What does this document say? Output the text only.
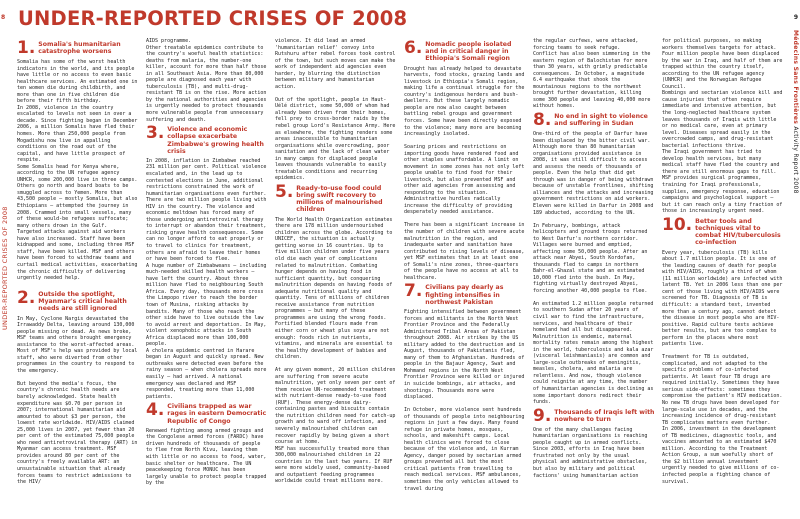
8
UNDER-REPORTED CRISES OF 2008
9
Médecins Sans Frontières Activity Report 2008
UNDER-REPORTED CRISES OF 2008
1. Somalia's humanitarian catastrophe worsens

Somalia has some of the worst health indicators in the world, and its people have little or no access to even basic healthcare services. An estimated one in ten women die during childbirth, and more than one in five children die before their fifth birthday.

In 2008, violence in the country escalated to levels not seen in over a decade. Since fighting began in December 2006, a million Somalis have fled their homes. More than 250,000 people from Mogadishu now live in appalling conditions on the road out of the capital, and have little prospect of respite.

Some Somalis head for Kenya where, according to the UN refugee agency UNHCR, some 200,000 live in three camps. Others go north and board boats to be smuggled across to Yemen. More than 43,500 people – mostly Somalis, but also Ethiopians – attempted the journey in 2008. Crammed into small vessels, many of these would-be refugees suffocate; many others drown in the Gulf.

Targeted attacks against aid workers have also increased. Staff have been kidnapped and some, including three MSF staff, have been killed. MSF and others have been forced to withdraw teams and curtail medical activities, exacerbating the chronic difficulty of delivering urgently needed help.

2. Outside the spotlight, Myanmar's critical health needs are still ignored

In May, Cyclone Nargis devastated the Irrawaddy Delta, leaving around 130,000 people missing or dead. As news broke, MSF teams and others brought emergency assistance to the worst-affected areas. Most of MSF's help was provided by local staff, who were diverted from other programmes in the country to respond to the emergency.

But beyond the media's focus, the country's chronic health needs are barely acknowledged. State health expenditure was $0.70 per person in 2007; international humanitarian aid amounted to about $3 per person, the lowest rate worldwide. HIV/AIDS claimed 25,000 lives in 2007, yet fewer than 20 per cent of the estimated 75,000 people who need antiretroviral therapy (ART) in Myanmar can access treatment. MSF provides around 80 per cent of the country's freely available ART: an unsustainable situation that already forces teams to restrict admissions to the HIV/

AIDS programme.

Other treatable epidemics contribute to the country's woeful health statistics: deaths from malaria, the number-one killer, account for more than half those in all Southeast Asia. More than 80,000 people are diagnosed each year with tuberculosis (TB), and multi-drug-resistant TB is on the rise. More action by the national authorities and agencies is urgently needed to protect thousands more vulnerable people from unnecessary suffering and death.

3. Violence and economic collapse exacerbate Zimbabwe's growing health crisis

In 2008, inflation in Zimbabwe reached 231 million per cent. Political violence escalated and, in the lead up to contested elections in June, additional restrictions constrained the work of humanitarian organisations even further. There are two million people living with HIV in the country. The violence and economic meltdown has forced many of those undergoing antiretroviral therapy to interrupt or abandon their treatment, risking grave health consequences. Some can no longer afford to eat properly or to travel to clinics for treatment, others are afraid to leave their homes or have been forced to flee.

A huge number of Zimbabweans – including much-needed skilled health workers – have left the country. About three million have fled to neighbouring South Africa. Every day, thousands more cross the Limpopo river to reach the border town of Musina, risking attacks by bandits. Many of those who reach the other side have to live outside the law to avoid arrest and deportation. In May, violent xenophobic attacks in South Africa displaced more than 100,000 people.

A cholera epidemic centred in Harare began in August and quickly spread. New outbreaks were detected even before the rainy season – when cholera spreads more easily – had arrived. A national emergency was declared and MSF responded, treating more than 11,000 patients.

4. Civilians trapped as war rages in eastern Democratic Republic of Congo

Renewed fighting among armed groups and the Congolese armed forces (FARDC) have driven hundreds of thousands of people to flee from North Kivu, leaving them with little or no access to food, water, basic shelter or healthcare. The UN peacekeeping force MONUC has been largely unable to protect people trapped by the

violence. It did lead an armed 'humanitarian relief' convoy into Rutshuru after rebel forces took control of the town, but such moves can make the work of independent aid agencies even harder, by blurring the distinction between military and humanitarian action.

Out of the spotlight, people in Haut-Uélé district, some 50,000 of whom had already been driven from their homes, fell prey to cross-border raids by the rebel group Lord's Resistance Army. Here as elsewhere, the fighting renders some areas inaccessible to humanitarian organisations while overcrowding, poor sanitation and the lack of clean water in many camps for displaced people leaves thousands vulnerable to easily treatable conditions and recurring epidemics.

5. Ready-to-use food could bring swift recovery to millions of malnourished children

The World Health Organization estimates there are 178 million undernourished children across the globe. According to UNICEF, the situation is actually getting worse in 16 countries. Up to five million children under five years old die each year of complications related to malnutrition. Combating hunger depends on having food in sufficient quantity, but conquering malnutrition depends on having foods of adequate nutritional quality and quantity. Tens of millions of children receive assistance from nutrition programmes – but many of these programmes are using the wrong foods. Fortified blended flours made from either corn or wheat plus soya are not enough: foods rich in nutrients, vitamins, and minerals are essential to the healthy development of babies and children.

At any given moment, 20 million children are suffering from severe acute malnutrition, yet only seven per cent of them receive UN-recommended treatment with nutrient-dense ready-to-use food (RUF). These energy-dense dairy-containing pastes and biscuits contain the nutrition children need for catch-up growth and to ward off infection, and severely malnourished children can recover rapidly by being given a short course at home.

MSF has successfully treated more than 300,000 malnourished children in 22 countries in the last two years. If RUF were more widely used, community-based and outpatient feeding programmes worldwide could treat millions more.

6. Nomadic people isolated and in critical danger in Ethiopia's Somali region

Drought has already helped to devastate harvests, food stocks, grazing lands and livestock in Ethiopia's Somali region, making life a continual struggle for the country's indigenous herders and bush-dwellers. But these largely nomadic people are now also caught between battling rebel groups and government forces. Some have been directly exposed to the violence; many more are becoming increasingly isolated.

Soaring prices and restrictions on importing goods have rendered food and other staples unaffordable. A limit on movement in some zones has not only left people unable to find food for their livestock, but also prevented MSF and other aid agencies from assessing and responding to the situation. Administrative hurdles radically increase the difficulty of providing desperately needed assistance.

There has been a significant increase in the number of children with severe acute malnutrition in the region, and inadequate water and sanitation have contributed to rising levels of disease, yet MSF estimates that in at least one of Somali's nine zones, three-quarters of the people have no access at all to healthcare.

7. Civilians pay dearly as fighting intensifies in northwest Pakistan

Fighting intensified between government forces and militants in the North West Frontier Province and the Federally Administered Tribal Areas of Pakistan throughout 2008. Air strikes by the US military added to the destruction and in August, thousands of Pakistanis fled, many of them to Afghanistan. Hundreds of people in the Bajaur Agency, Swat and Mohmand regions in the North West Frontier Province were killed or injured in suicide bombings, air attacks, and shootings. Thousands more were displaced.

In October, more violence sent hundreds of thousands of people into neighbouring regions in just a few days. Many found refuge in private homes, mosques, schools, and makeshift camps. Local health clinics were forced to close because of the violence and, in Kurram Agency, danger posed by sectarian armed groups prevented all but the most critical patients from travelling to reach medical services. MSF ambulances, sometimes the only vehicles allowed to travel during

the regular curfews, were attacked, forcing teams to seek refuge.

Conflict has also been simmering in the eastern region of Balochistan for more than 30 years, with grimly predictable consequences. In October, a magnitude 6.4 earthquake that shook the mountainous regions to the northwest brought further devastation, killing some 300 people and leaving 40,000 more without homes.

8. No end in sight to violence and suffering in Sudan

One-third of the people of Darfur have been displaced by the bitter civil war. Although more than 80 humanitarian organisations provided assistance in 2008, it was still difficult to access and assess the needs of thousands of people. Even the help that did get through was in danger of being withdrawn because of unstable frontlines, shifting alliances and the attacks and increasing government restrictions on aid workers. Eleven were killed in Darfur in 2008 and 189 abducted, according to the UN.

In February, bombings, attack helicopters and ground troops returned to West Darfur's northern corridor. Villages were burned and emptied, affecting some 50,000 people. After an attack near Abyei, South Kordofan, thousands fled to camps in northern Bahr-el-Ghazal state and an estimated 10,000 fled into the bush. In May, fighting virtually destroyed Abyei, forcing another 40,000 people to flee.

An estimated 1.2 million people returned to southern Sudan after 20 years of civil war to find the infrastructure, services, and healthcare of their homeland had all but disappeared. Malnutrition is endemic, maternal mortality rates remain among the highest in the world, tuberculosis and kala azar (visceral leishmaniasis) are common and large-scale outbreaks of meningitis, measles, cholera, and malaria are relentless. And now, though violence could reignite at any time, the number of humanitarian agencies is declining as some important donors redirect their funds.

9. Thousands of Iraqis left with nowhere to turn

One of the many challenges facing humanitarian organisations is reaching people caught up in armed conflicts. Since 2003, efforts in Iraq have been frustrated not only by the usual physical and administrative obstacles, but also by military and political factions' using humanitarian action

for political purposes, so making workers themselves targets for attack.

Four million people have been displaced by the war in Iraq, and half of them are trapped within the country itself, according to the UN refugee agency (UNHCR) and the Norwegian Refugee Council.

Bombings and sectarian violence kill and cause injuries that often require immediate and intensive attention, but the long-neglected healthcare system leaves thousands of Iraqis with little or no medical care, even at primary level. Diseases spread easily in the overcrowded camps, and drug-resistant bacterial infections thrive.

The Iraqi government has tried to develop health services, but many medical staff have fled the country and there are still enormous gaps to fill. MSF provides surgical programmes, training for Iraqi professionals, supplies, emergency response, education campaigns and psychological support – but it can reach only a tiny fraction of those in increasingly urgent need.

10. Better tools and techniques vital to combat HIV/tuberculosis co-infection

Every year, tuberculosis (TB) kills about 1.7 million people. It is one of the leading causes of death for people with HIV/AIDS, roughly a third of whom (11 million worldwide) are infected with latent TB. Yet in 2006 less than one per cent of those living with HIV/AIDS were screened for TB. Diagnosis of TB is difficult: a standard test, invented more than a century ago, cannot detect the disease in most people who are HIV-positive. Rapid culture tests achieve better results, but are too complex to perform in the places where most patients live.

Treatment for TB is outdated, complicated, and not adapted to the specific problems of co-infected patients. At least four TB drugs are required initially. Sometimes they have serious side-effects: sometimes they compromise the patient's HIV medication. No new TB drugs have been developed for large-scale use in decades, and the increasing incidence of drug-resistant TB complicates matters even further.

In 2006, investment in the development of TB medicines, diagnostic tools, and vaccines amounted to an estimated $470 million. According to the Treatment Action Group, a sum woefully short of the $2 billion annual investment urgently needed to give millions of co-infected people a fighting chance of survival.
